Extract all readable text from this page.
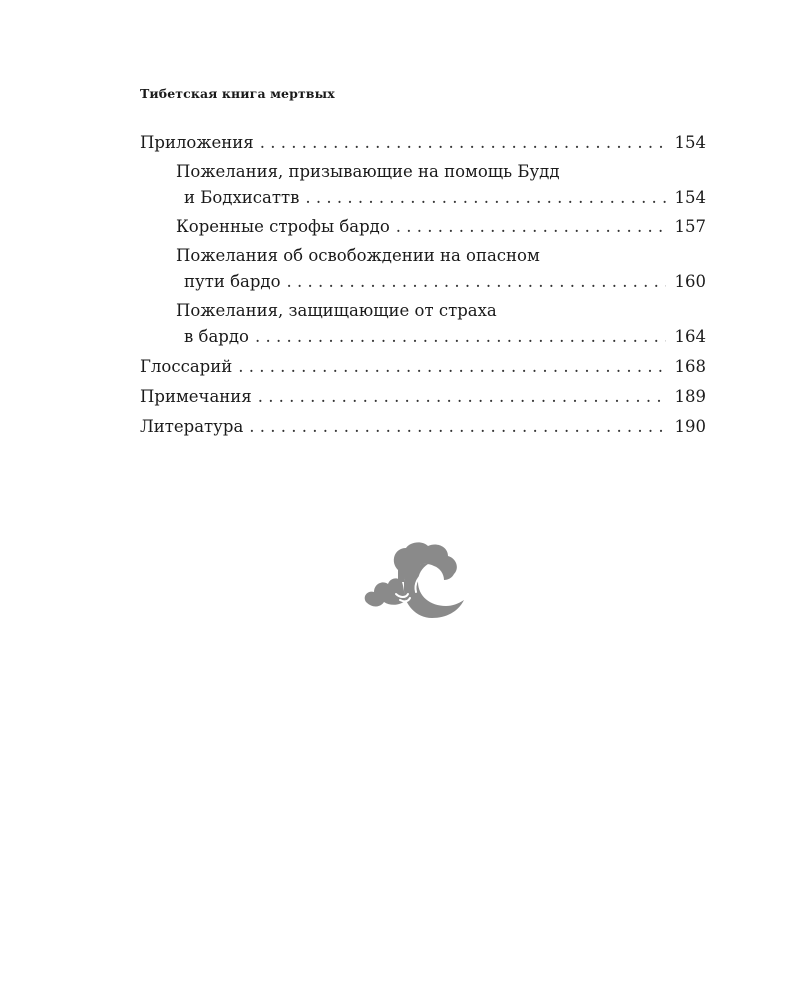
Тибетская книга мертвых
Приложения . . .	154
Пожелания, призывающие на помощь Будд
и Бодхисаттв . . .	154
Коренные строфы бардо . . .	157
Пожелания об освобождении на опасном
пути бардо . . .	160
Пожелания, защищающие от страха
в бардо . . .	164
Глоссарий . . .	168
Примечания . . .	189
Литература . . .	190
